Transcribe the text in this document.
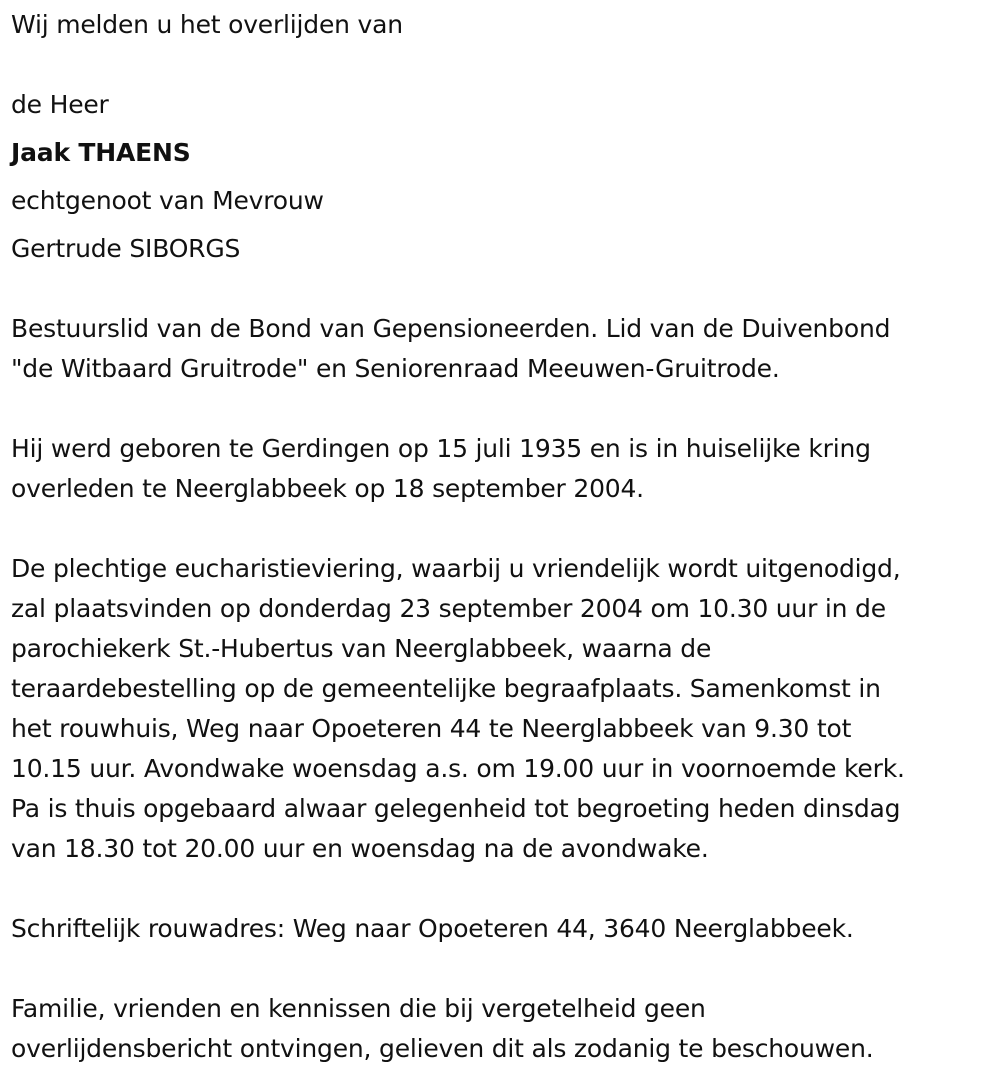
Wij melden u het overlijden van
de Heer
Jaak THAENS
echtgenoot van Mevrouw
Gertrude SIBORGS
Bestuurslid van de Bond van Gepensioneerden. Lid van de Duivenbond
"de Witbaard Gruitrode" en Seniorenraad Meeuwen-Gruitrode.
Hij werd geboren te Gerdingen op 15 juli 1935 en is in huiselijke kring
overleden te Neerglabbeek op 18 september 2004.
De plechtige eucharistieviering, waarbij u vriendelijk wordt uitgenodigd,
zal plaatsvinden op donderdag 23 september 2004 om 10.30 uur in de
parochiekerk St.-Hubertus van Neerglabbeek, waarna de
teraardebestelling op de gemeentelijke begraafplaats. Samenkomst in
het rouwhuis, Weg naar Opoeteren 44 te Neerglabbeek van 9.30 tot
10.15 uur. Avondwake woensdag a.s. om 19.00 uur in voornoemde kerk.
Pa is thuis opgebaard alwaar gelegenheid tot begroeting heden dinsdag
van 18.30 tot 20.00 uur en woensdag na de avondwake.
Schriftelijk rouwadres: Weg naar Opoeteren 44, 3640 Neerglabbeek.
Familie, vrienden en kennissen die bij vergetelheid geen
overlijdensbericht ontvingen, gelieven dit als zodanig te beschouwen.
